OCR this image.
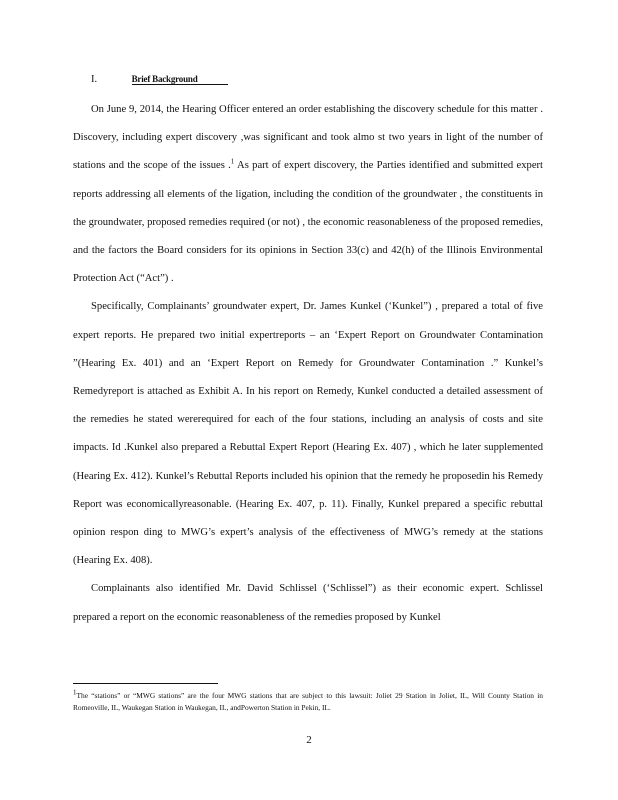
I.	Brief Background

On June 9, 2014, the Hearing Officer entered an order establishing the discovery schedule for this matter . Discovery, including expert discovery ,was significant and took almo st two years in light of the number of stations and the scope of the issues .$^1$ As part of expert discovery, the Parties identified and submitted expert reports addressing all elements of the ligation, including the condition of the groundwater , the constituents in the groundwater, proposed remedies required (or not) , the economic reasonableness of the proposed remedies, and the factors the Board considers for its opinions in Section 33(c) and 42(h) of the Illinois Environmental Protection Act (“Act”) .

Specifically, Complainants’ groundwater expert, Dr. James Kunkel (‘Kunkel”) , prepared a total of five expert reports. He prepared two initial expertreports – an ‘Expert Report on Groundwater Contamination ”(Hearing Ex. 401) and an ‘Expert Report on Remedy for Groundwater Contamination .” Kunkel’s Remedyreport is attached as Exhibit A. In his report on Remedy, Kunkel conducted a detailed assessment of the remedies he stated wererequired for each of the four stations, including an analysis of costs and site impacts. Id .Kunkel also prepared a Rebuttal Expert Report (Hearing Ex. 407) , which he later supplemented (Hearing Ex. 412). Kunkel’s Rebuttal Reports included his opinion that the remedy he proposedin his Remedy Report was economicallyreasonable. (Hearing Ex. 407, p. 11). Finally, Kunkel prepared a specific rebuttal opinion respon ding to MWG’s expert’s analysis of the effectiveness of MWG’s remedy at the stations (Hearing Ex. 408).

Complainants also identified Mr. David Schlissel (‘Schlissel”) as their economic expert. Schlissel prepared a report on the economic reasonableness of the remedies proposed by Kunkel

$^1$The “stations” or “MWG stations” are the four MWG stations that are subject to this lawsuit: Joliet 29 Station in Joliet, IL, Will County Station in Romeoville, IL, Waukegan Station in Waukegan, IL, andPowerton Station in Pekin, IL.
2
